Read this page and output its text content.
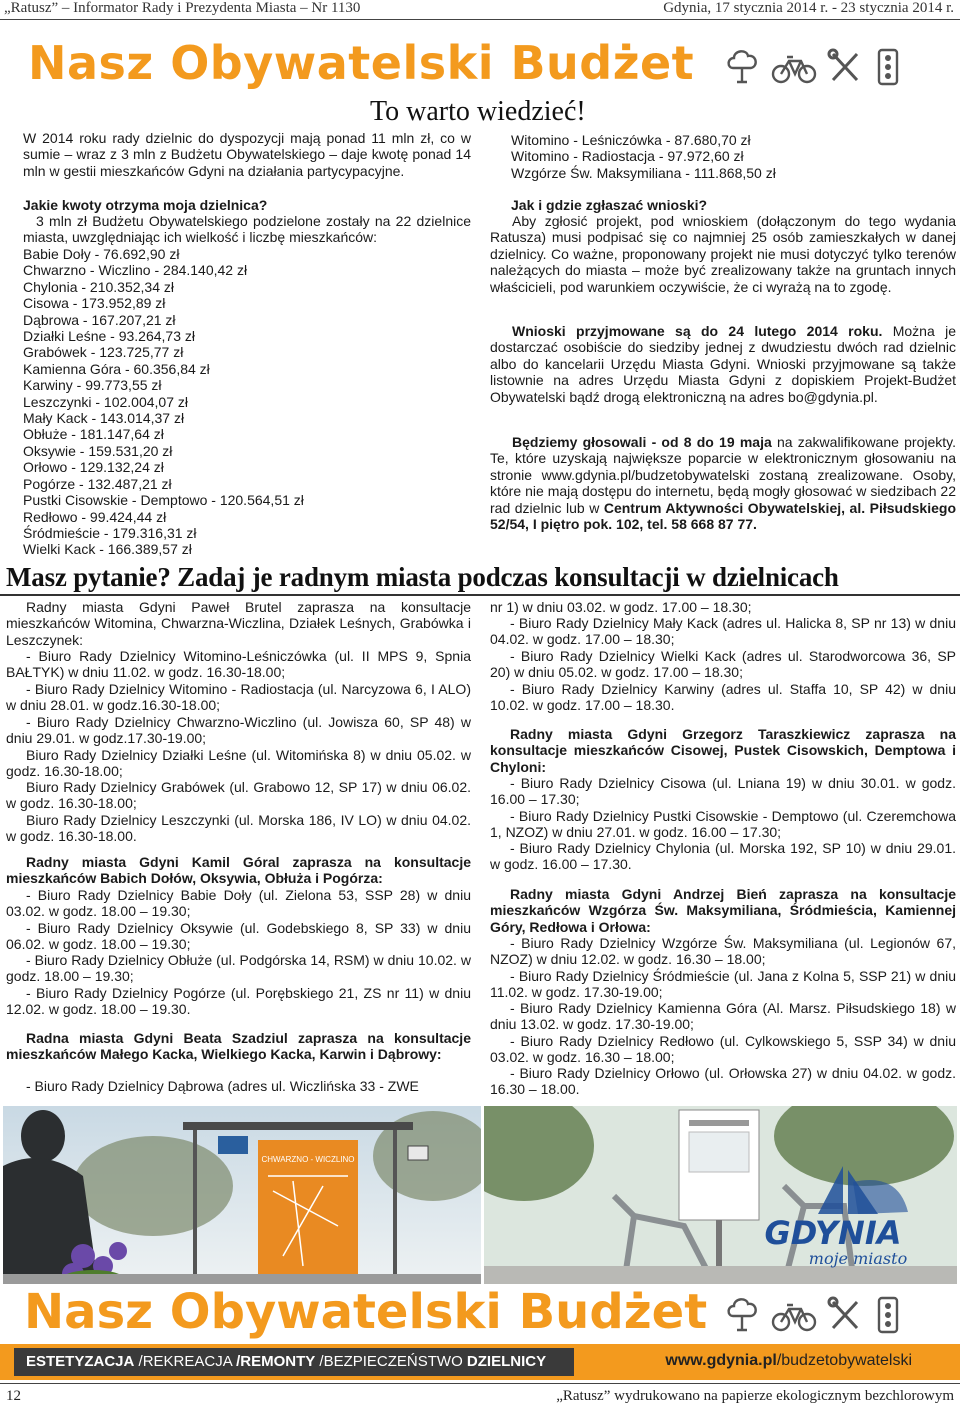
„Ratusz” – Informator Rady i Prezydenta Miasta – Nr 1130	Gdynia, 17 stycznia 2014 r. - 23 stycznia 2014 r.
Nasz Obywatelski Budżet
To warto wiedzieć!
W 2014 roku rady dzielnic do dyspozycji mają ponad 11 mln zł, co w sumie – wraz z 3 mln z Budżetu Obywatelskiego – daje kwotę ponad 14 mln w gestii mieszkańców Gdyni na działania partycypacyjne.
Jakie kwoty otrzyma moja dzielnica?
3 mln zł Budżetu Obywatelskiego podzielone zostały na 22 dzielnice miasta, uwzględniając ich wielkość i liczbę mieszkańców:
Babie Doły - 76.692,90 zł
Chwarzno - Wiczlino - 284.140,42 zł
Chylonia - 210.352,34 zł
Cisowa - 173.952,89 zł
Dąbrowa - 167.207,21 zł
Działki Leśne - 93.264,73 zł
Grabówek - 123.725,77 zł
Kamienna Góra - 60.356,84 zł
Karwiny - 99.773,55 zł
Leszczynki - 102.004,07 zł
Mały Kack - 143.014,37 zł
Obłuże - 181.147,64 zł
Oksywie - 159.531,20 zł
Orłowo - 129.132,24 zł
Pogórze - 132.487,21 zł
Pustki Cisowskie - Demptowo - 120.564,51 zł
Redłowo - 99.424,44 zł
Śródmieście - 179.316,31 zł
Wielki Kack - 166.389,57 zł
Witomino - Leśniczówka - 87.680,70 zł
Witomino - Radiostacja - 97.972,60 zł
Wzgórze Św. Maksymiliana - 111.868,50 zł
Jak i gdzie zgłaszać wnioski?
Aby zgłosić projekt, pod wnioskiem (dołączonym do tego wydania Ratusza) musi podpisać się co najmniej 25 osób zamieszkałych w danej dzielnicy. Co ważne, proponowany projekt nie musi dotyczyć tylko terenów należących do miasta – może być zrealizowany także na gruntach innych właścicieli, pod warunkiem oczywiście, że ci wyrażą na to zgodę.
Wnioski przyjmowane są do 24 lutego 2014 roku. Można je dostarczać osobiście do siedziby jednej z dwudziestu dwóch rad dzielnic albo do kancelarii Urzędu Miasta Gdyni. Wnioski przyjmowane są także listownie na adres Urzędu Miasta Gdyni z dopiskiem Projekt-Budżet Obywatelski bądź drogą elektroniczną na adres bo@gdynia.pl.
Będziemy głosowali - od 8 do 19 maja na zakwalifikowane projekty. Te, które uzyskają największe poparcie w elektronicznym głosowaniu na stronie www.gdynia.pl/budzetobywatelski zostaną zrealizowane. Osoby, które nie mają dostępu do internetu, będą mogły głosować w siedzibach 22 rad dzielnic lub w Centrum Aktywności Obywatelskiej, al. Piłsudskiego 52/54, I piętro pok. 102, tel. 58 668 87 77.
Masz pytanie? Zadaj je radnym miasta podczas konsultacji w dzielnicach
Radny miasta Gdyni Paweł Brutel zaprasza na konsultacje mieszkańców Witomina, Chwarzna-Wiczlina, Działek Leśnych, Grabówka i Leszczynek:
- Biuro Rady Dzielnicy Witomino-Leśniczówka (ul. II MPS 9, Spnia BAŁTYK) w dniu 11.02. w godz. 16.30-18.00;
- Biuro Rady Dzielnicy Witomino - Radiostacja (ul. Narcyzowa 6, I ALO) w dniu 28.01. w godz.16.30-18.00;
- Biuro Rady Dzielnicy Chwarzno-Wiczlino (ul. Jowisza 60, SP 48) w dniu 29.01. w godz.17.30-19.00;
Biuro Rady Dzielnicy Działki Leśne (ul. Witomińska 8) w dniu 05.02. w godz. 16.30-18.00;
Biuro Rady Dzielnicy Grabówek (ul. Grabowo 12, SP 17) w dniu 06.02. w godz. 16.30-18.00;
Biuro Rady Dzielnicy Leszczynki (ul. Morska 186, IV LO) w dniu 04.02. w godz. 16.30-18.00.
Radny miasta Gdyni Kamil Góral zaprasza na konsultacje mieszkańców Babich Dołów, Oksywia, Obłuża i Pogórza:
- Biuro Rady Dzielnicy Babie Doły (ul. Zielona 53, SSP 28) w dniu 03.02. w godz. 18.00 – 19.30;
- Biuro Rady Dzielnicy Oksywie (ul. Godebskiego 8, SP 33) w dniu 06.02. w godz. 18.00 – 19.30;
- Biuro Rady Dzielnicy Obłuże (ul. Podgórska 14, RSM) w dniu 10.02. w godz. 18.00 – 19.30;
- Biuro Rady Dzielnicy Pogórze (ul. Porębskiego 21, ZS nr 11) w dniu 12.02. w godz. 18.00 – 19.30.
Radna miasta Gdyni Beata Szadziul zaprasza na konsultacje mieszkańców Małego Kacka, Wielkiego Kacka, Karwin i Dąbrowy:
- Biuro Rady Dzielnicy Dąbrowa (adres ul. Wiczlińska 33 - ZWE
nr 1) w dniu 03.02. w godz. 17.00 – 18.30;
- Biuro Rady Dzielnicy Mały Kack (adres ul. Halicka 8, SP nr 13) w dniu 04.02. w godz. 17.00 – 18.30;
- Biuro Rady Dzielnicy Wielki Kack (adres ul. Starodworcowa 36, SP 20) w dniu 05.02. w godz. 17.00 – 18.30;
- Biuro Rady Dzielnicy Karwiny (adres ul. Staffa 10, SP 42) w dniu 10.02. w godz. 17.00 – 18.30.
Radny miasta Gdyni Grzegorz Taraszkiewicz zaprasza na konsultacje mieszkańców Cisowej, Pustek Cisowskich, Demptowa i Chyloni:
- Biuro Rady Dzielnicy Cisowa (ul. Lniana 19) w dniu 30.01. w godz. 16.00 – 17.30;
- Biuro Rady Dzielnicy Pustki Cisowskie - Demptowo (ul. Czeremchowa 1, NZOZ) w dniu 27.01. w godz. 16.00 – 17.30;
- Biuro Rady Dzielnicy Chylonia (ul. Morska 192, SP 10) w dniu 29.01. w godz. 16.00 – 17.30.
Radny miasta Gdyni Andrzej Bień zaprasza na konsultacje mieszkańców Wzgórza Św. Maksymiliana, Śródmieścia, Kamiennej Góry, Redłowa i Orłowa:
- Biuro Rady Dzielnicy Wzgórze Św. Maksymiliana (ul. Legionów 67, NZOZ) w dniu 12.02. w godz. 16.30 – 18.00;
- Biuro Rady Dzielnicy Śródmieście (ul. Jana z Kolna 5, SSP 21) w dniu 11.02. w godz. 17.30-19.00;
- Biuro Rady Dzielnicy Kamienna Góra (Al. Marsz. Piłsudskiego 18) w dniu 13.02. w godz. 17.30-19.00;
- Biuro Rady Dzielnicy Redłowo (ul. Cylkowskiego 5, SSP 34) w dniu 03.02. w godz. 16.30 – 18.00;
- Biuro Rady Dzielnicy Orłowo (ul. Orłowska 27) w dniu 04.02. w godz. 16.30 – 18.00.
CHWARZNO - WICZLINO
GDYNIA
moje miasto
Nasz Obywatelski Budżet
ESTETYZACJA /REKREACJA /REMONTY /BEZPIECZEŃSTWO DZIELNICY	www.gdynia.pl/budzetobywatelski
12	„Ratusz” wydrukowano na papierze ekologicznym bezchlorowym
